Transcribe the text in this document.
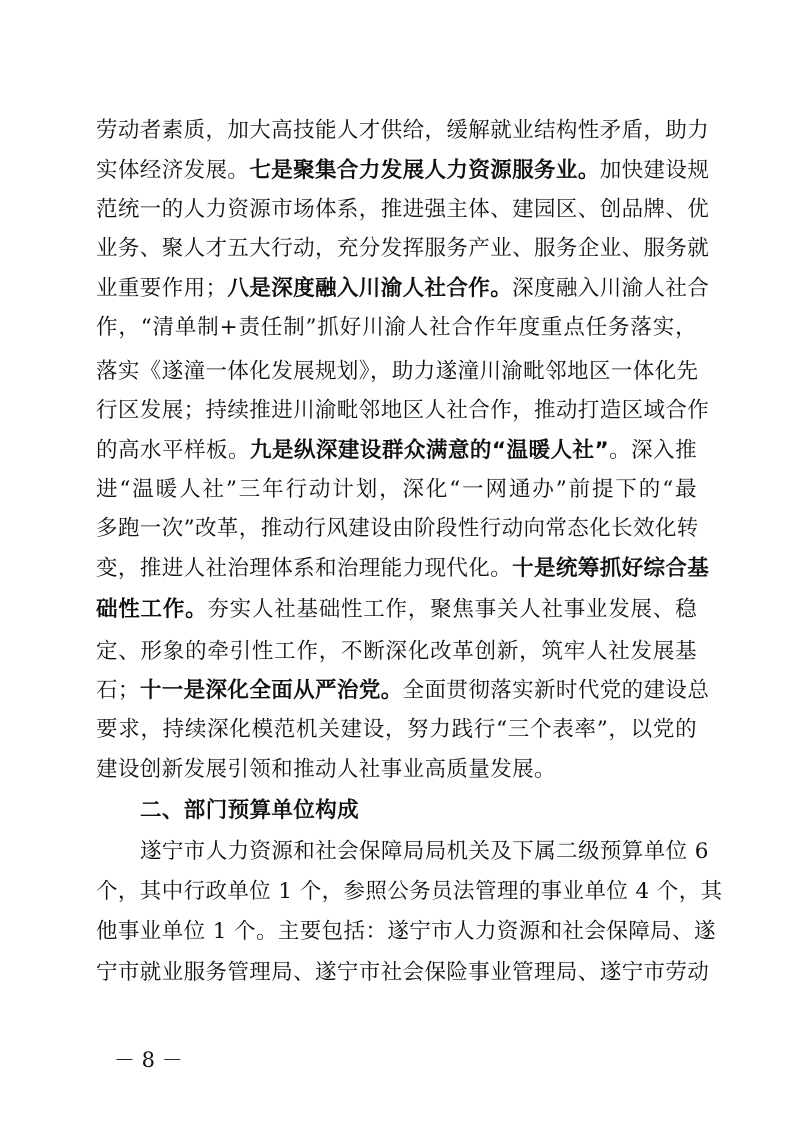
劳动者素质，加大高技能人才供给，缓解就业结构性矛盾，助力
实体经济发展。七是聚集合力发展人力资源服务业。加快建设规
范统一的人力资源市场体系，推进强主体、建园区、创品牌、优
业务、聚人才五大行动，充分发挥服务产业、服务企业、服务就
业重要作用；八是深度融入川渝人社合作。深度融入川渝人社合
作，“清单制+责任制”抓好川渝人社合作年度重点任务落实，
落实《遂潼一体化发展规划》，助力遂潼川渝毗邻地区一体化先
行区发展；持续推进川渝毗邻地区人社合作，推动打造区域合作
的高水平样板。九是纵深建设群众满意的“温暖人社”。深入推
进“温暖人社”三年行动计划，深化“一网通办”前提下的“最
多跑一次”改革，推动行风建设由阶段性行动向常态化长效化转
变，推进人社治理体系和治理能力现代化。十是统筹抓好综合基
础性工作。夯实人社基础性工作，聚焦事关人社事业发展、稳
定、形象的牵引性工作，不断深化改革创新，筑牢人社发展基
石；十一是深化全面从严治党。全面贯彻落实新时代党的建设总
要求，持续深化模范机关建设，努力践行“三个表率”，以党的
建设创新发展引领和推动人社事业高质量发展。
二、部门预算单位构成
遂宁市人力资源和社会保障局局机关及下属二级预算单位 6
个，其中行政单位 1 个，参照公务员法管理的事业单位 4 个，其
他事业单位 1 个。主要包括：遂宁市人力资源和社会保障局、遂
宁市就业服务管理局、遂宁市社会保险事业管理局、遂宁市劳动
－ 8 －
